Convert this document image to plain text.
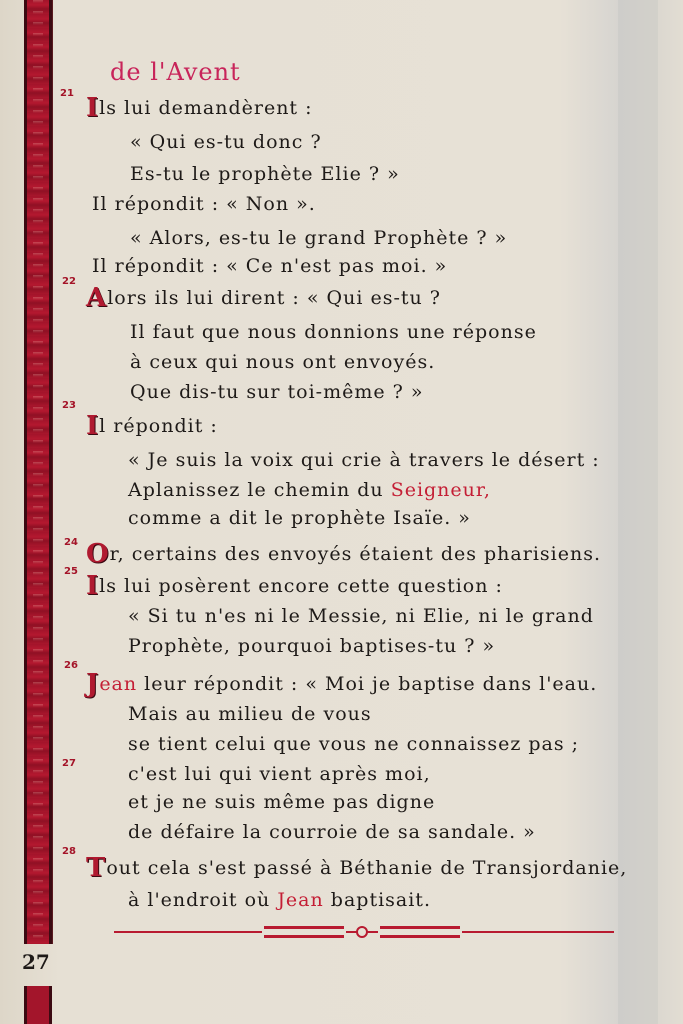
de l'Avent
21
22
23
24
25
26
27
28
Ils lui demandèrent :
« Qui es-tu donc ?
Es-tu le prophète Elie ? »
Il répondit : « Non ».
« Alors, es-tu le grand Prophète ? »
Il répondit : « Ce n'est pas moi. »
Alors ils lui dirent : « Qui es-tu ?
Il faut que nous donnions une réponse
à ceux qui nous ont envoyés.
Que dis-tu sur toi-même ? »
Il répondit :
« Je suis la voix qui crie à travers le désert :
Aplanissez le chemin du Seigneur,
comme a dit le prophète Isaïe. »
Or, certains des envoyés étaient des pharisiens.
Ils lui posèrent encore cette question :
« Si tu n'es ni le Messie, ni Elie, ni le grand
Prophète, pourquoi baptises-tu ? »
Jean leur répondit : « Moi je baptise dans l'eau.
Mais au milieu de vous
se tient celui que vous ne connaissez pas ;
c'est lui qui vient après moi,
et je ne suis même pas digne
de défaire la courroie de sa sandale. »
Tout cela s'est passé à Béthanie de Transjordanie,
à l'endroit où Jean baptisait.
27
